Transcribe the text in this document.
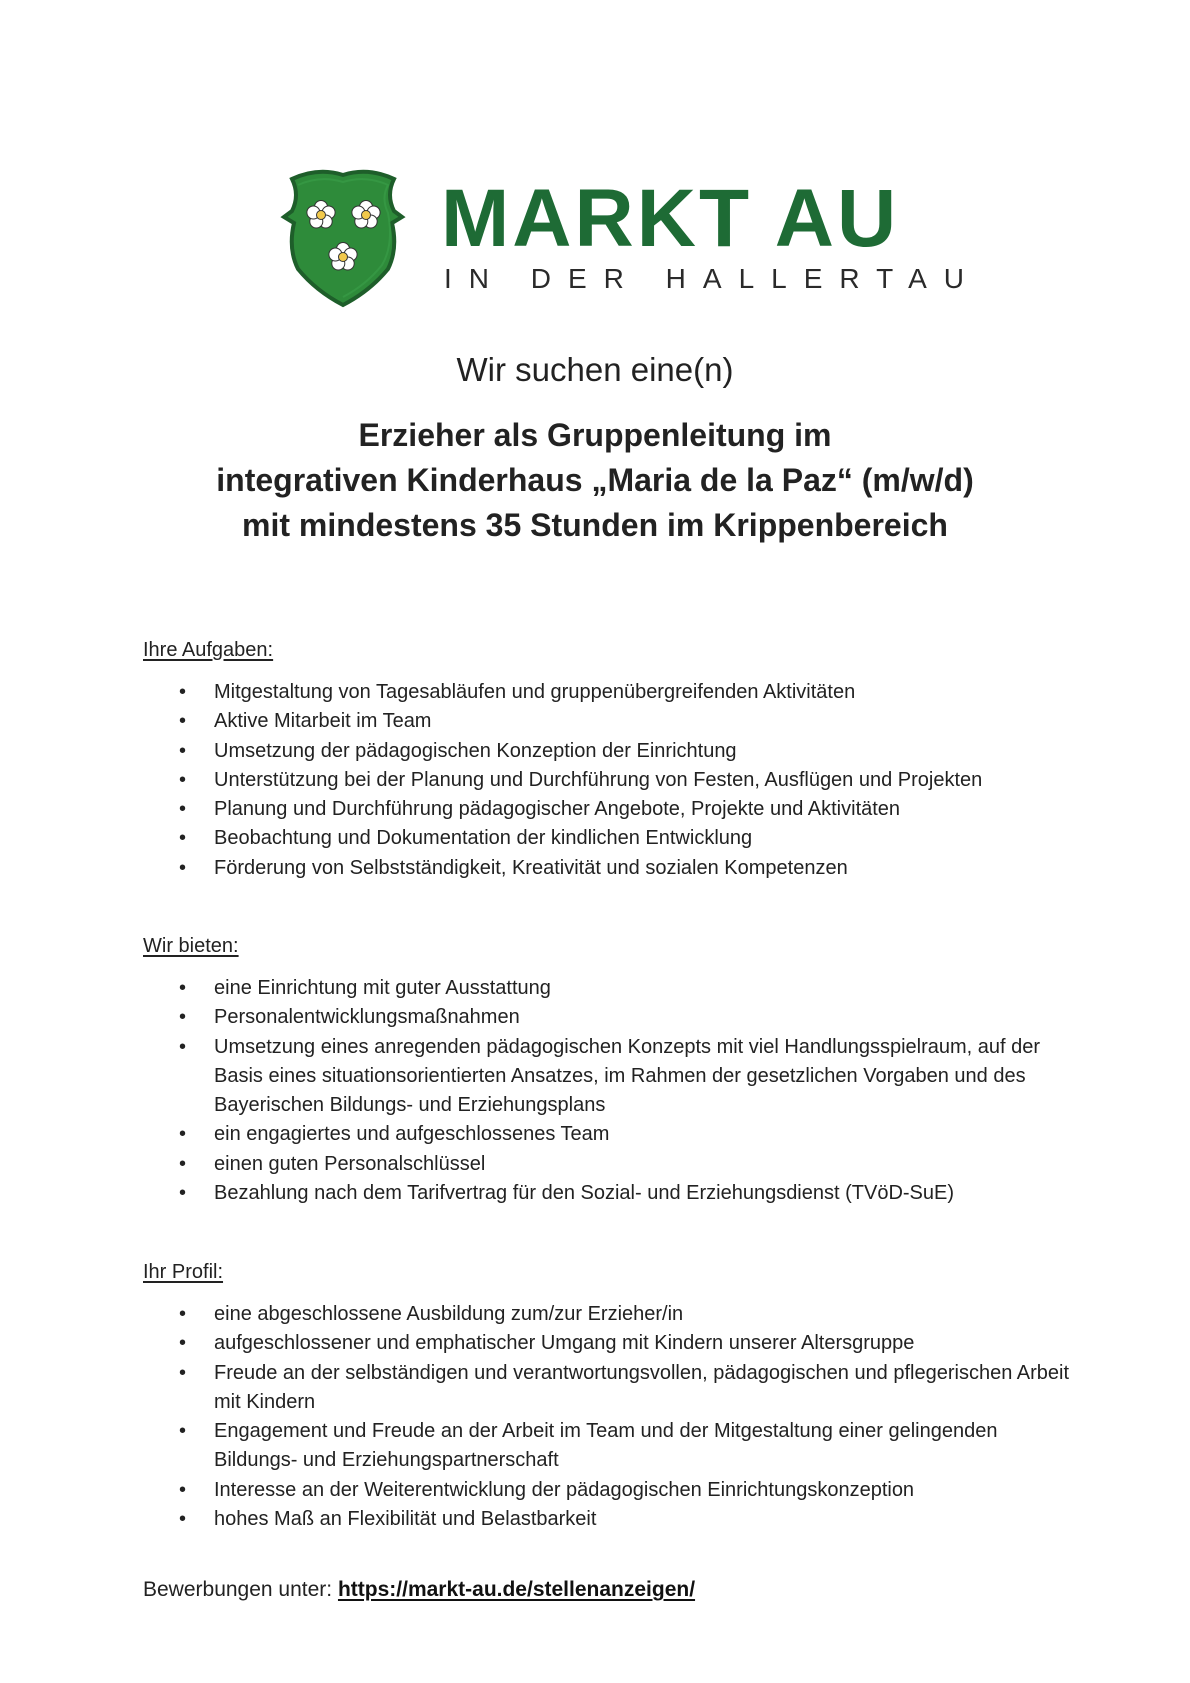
MARKT AU
IN DER HALLERTAU
Wir suchen eine(n)
Erzieher als Gruppenleitung im
integrativen Kinderhaus „Maria de la Paz“ (m/w/d)
mit mindestens 35 Stunden im Krippenbereich
Ihre Aufgaben:
• Mitgestaltung von Tagesabläufen und gruppenübergreifenden Aktivitäten
• Aktive Mitarbeit im Team
• Umsetzung der pädagogischen Konzeption der Einrichtung
• Unterstützung bei der Planung und Durchführung von Festen, Ausflügen und Projekten
• Planung und Durchführung pädagogischer Angebote, Projekte und Aktivitäten
• Beobachtung und Dokumentation der kindlichen Entwicklung
• Förderung von Selbstständigkeit, Kreativität und sozialen Kompetenzen
Wir bieten:
• eine Einrichtung mit guter Ausstattung
• Personalentwicklungsmaßnahmen
• Umsetzung eines anregenden pädagogischen Konzepts mit viel Handlungsspielraum, auf der Basis eines situationsorientierten Ansatzes, im Rahmen der gesetzlichen Vorgaben und des Bayerischen Bildungs- und Erziehungsplans
• ein engagiertes und aufgeschlossenes Team
• einen guten Personalschlüssel
• Bezahlung nach dem Tarifvertrag für den Sozial- und Erziehungsdienst (TVöD-SuE)
Ihr Profil:
• eine abgeschlossene Ausbildung zum/zur Erzieher/in
• aufgeschlossener und emphatischer Umgang mit Kindern unserer Altersgruppe
• Freude an der selbständigen und verantwortungsvollen, pädagogischen und pflegerischen Arbeit mit Kindern
• Engagement und Freude an der Arbeit im Team und der Mitgestaltung einer gelingenden Bildungs- und Erziehungspartnerschaft
• Interesse an der Weiterentwicklung der pädagogischen Einrichtungskonzeption
• hohes Maß an Flexibilität und Belastbarkeit
Bewerbungen unter: https://markt-au.de/stellenanzeigen/
